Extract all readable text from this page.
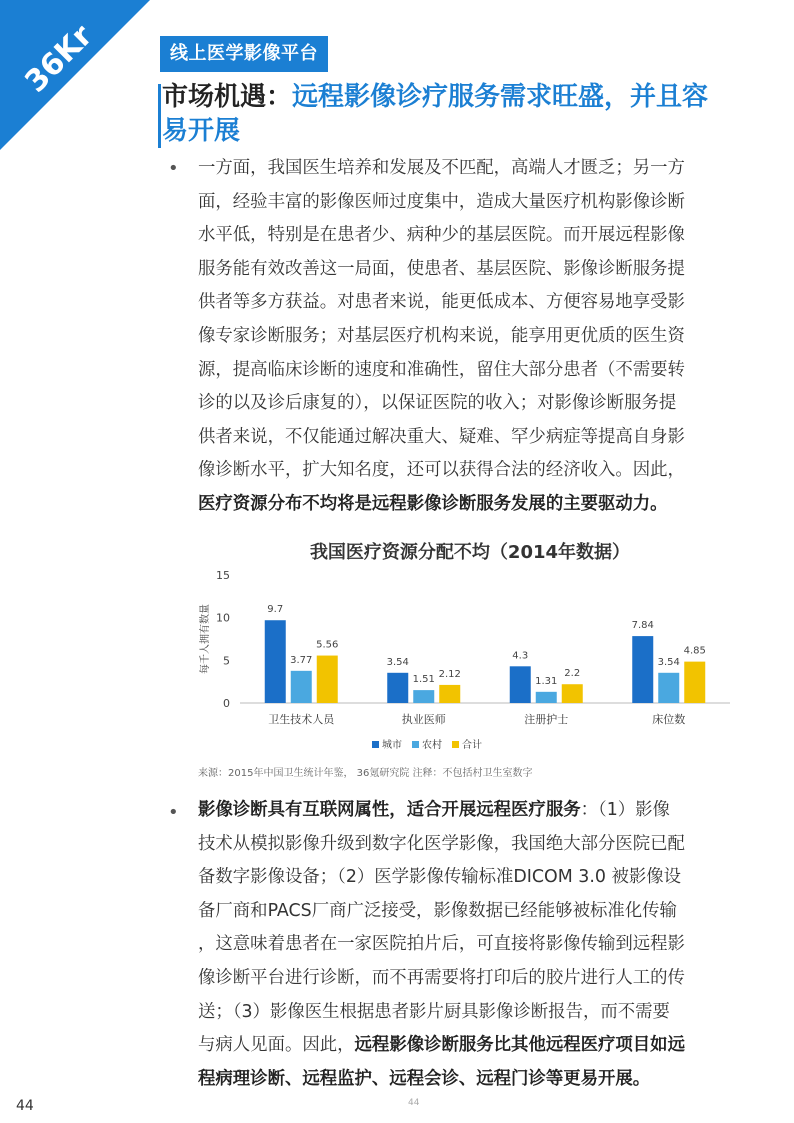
36Kr	线上医学影像平台
市场机遇：远程影像诊疗服务需求旺盛，并且容
易开展
• 一方面，我国医生培养和发展及不匹配，高端人才匮乏；另一方
面，经验丰富的影像医师过度集中，造成大量医疗机构影像诊断
水平低，特别是在患者少、病种少的基层医院。而开展远程影像
服务能有效改善这一局面，使患者、基层医院、影像诊断服务提
供者等多方获益。对患者来说，能更低成本、方便容易地享受影
像专家诊断服务；对基层医疗机构来说，能享用更优质的医生资
源，提高临床诊断的速度和准确性，留住大部分患者（不需要转
诊的以及诊后康复的），以保证医院的收入；对影像诊断服务提
供者来说，不仅能通过解决重大、疑难、罕少病症等提高自身影
像诊断水平，扩大知名度，还可以获得合法的经济收入。因此，
医疗资源分布不均将是远程影像诊断服务发展的主要驱动力。
我国医疗资源分配不均（2014年数据）
0
5
10
15
每千人拥有数量	9.7
3.77
5.56
卫生技术人员
3.54
1.51 2.12
执业医师
4.3
1.31
2.2
注册护士
7.84
3.54
4.85
床位数
城市 农村 合计
来源：2015年中国卫生统计年鉴， 36氪研究院 注释：不包括村卫生室数字
• 影像诊断具有互联网属性，适合开展远程医疗服务：（1）影像
技术从模拟影像升级到数字化医学影像，我国绝大部分医院已配
备数字影像设备；（2）医学影像传输标准DICOM 3.0 被影像设
备厂商和PACS厂商广泛接受，影像数据已经能够被标准化传输
，这意味着患者在一家医院拍片后，可直接将影像传输到远程影
像诊断平台进行诊断，而不再需要将打印后的胶片进行人工的传
送；（3）影像医生根据患者影片厨具影像诊断报告，而不需要
与病人见面。因此，远程影像诊断服务比其他远程医疗项目如远
程病理诊断、远程监护、远程会诊、远程门诊等更易开展。
44	44
